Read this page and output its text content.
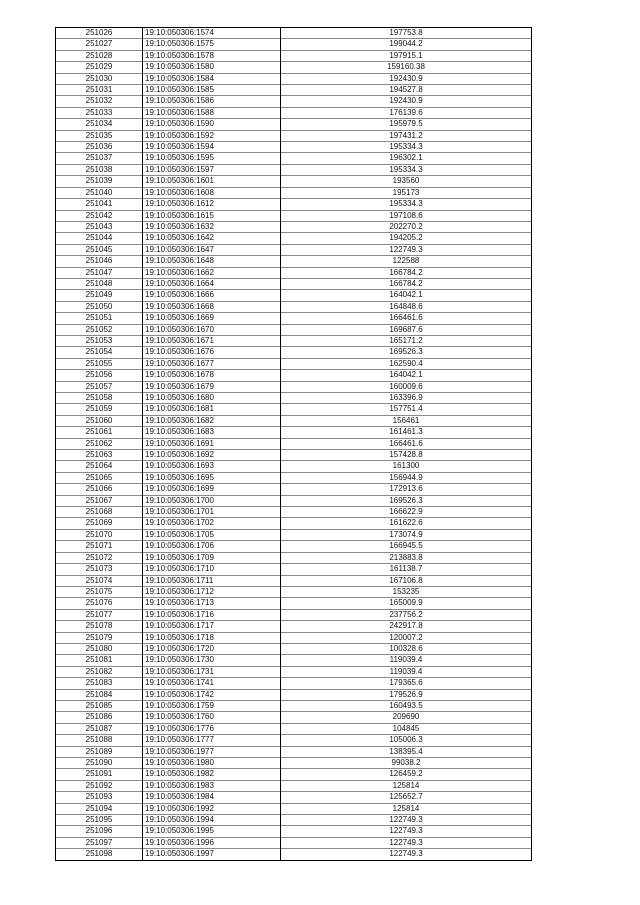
251026	19:10:050306:1574	197753.8
251027	19:10:050306:1575	199044.2
251028	19:10:050306:1578	197915.1
251029	19:10:050306:1580	159160.38
251030	19:10:050306:1584	192430.9
251031	19:10:050306:1585	194527.8
251032	19:10:050306:1586	192430.9
251033	19:10:050306:1588	176139.6
251034	19:10:050306:1590	195979.5
251035	19:10:050306:1592	197431.2
251036	19:10:050306:1594	195334.3
251037	19:10:050306:1595	196302.1
251038	19:10:050306:1597	195334.3
251039	19:10:050306:1601	193560
251040	19:10:050306:1608	195173
251041	19:10:050306:1612	195334.3
251042	19:10:050306:1615	197108.6
251043	19:10:050306:1632	202270.2
251044	19:10:050306:1642	194205.2
251045	19:10:050306:1647	122749.3
251046	19:10:050306:1648	122588
251047	19:10:050306:1662	166784.2
251048	19:10:050306:1664	166784.2
251049	19:10:050306:1666	164042.1
251050	19:10:050306:1668	164848.6
251051	19:10:050306:1669	166461.6
251052	19:10:050306:1670	169687.6
251053	19:10:050306:1671	165171.2
251054	19:10:050306:1676	169526.3
251055	19:10:050306:1677	162590.4
251056	19:10:050306:1678	164042.1
251057	19:10:050306:1679	160009.6
251058	19:10:050306:1680	163396.9
251059	19:10:050306:1681	157751.4
251060	19:10:050306:1682	156461
251061	19:10:050306:1683	161461.3
251062	19:10:050306:1691	166461.6
251063	19:10:050306:1692	157428.8
251064	19:10:050306:1693	161300
251065	19:10:050306:1695	156944.9
251066	19:10:050306:1699	172913.6
251067	19:10:050306:1700	169526.3
251068	19:10:050306:1701	166622.9
251069	19:10:050306:1702	161622.6
251070	19:10:050306:1705	173074.9
251071	19:10:050306:1706	166945.5
251072	19:10:050306:1709	213883.8
251073	19:10:050306:1710	161138.7
251074	19:10:050306:1711	167106.8
251075	19:10:050306:1712	153235
251076	19:10:050306:1713	165009.9
251077	19:10:050306:1716	237756.2
251078	19:10:050306:1717	242917.8
251079	19:10:050306:1718	120007.2
251080	19:10:050306:1720	100328.6
251081	19:10:050306:1730	119039.4
251082	19:10:050306:1731	119039.4
251083	19:10:050306:1741	179365.6
251084	19:10:050306:1742	179526.9
251085	19:10:050306:1759	160493.5
251086	19:10:050306:1760	209690
251087	19:10:050306:1776	104845
251088	19:10:050306:1777	105006.3
251089	19:10:050306:1977	138395.4
251090	19:10:050306:1980	99038.2
251091	19:10:050306:1982	126459.2
251092	19:10:050306:1983	125814
251093	19:10:050306:1984	125652.7
251094	19:10:050306:1992	125814
251095	19:10:050306:1994	122749.3
251096	19:10:050306:1995	122749.3
251097	19:10:050306:1996	122749.3
251098	19:10:050306:1997	122749.3
